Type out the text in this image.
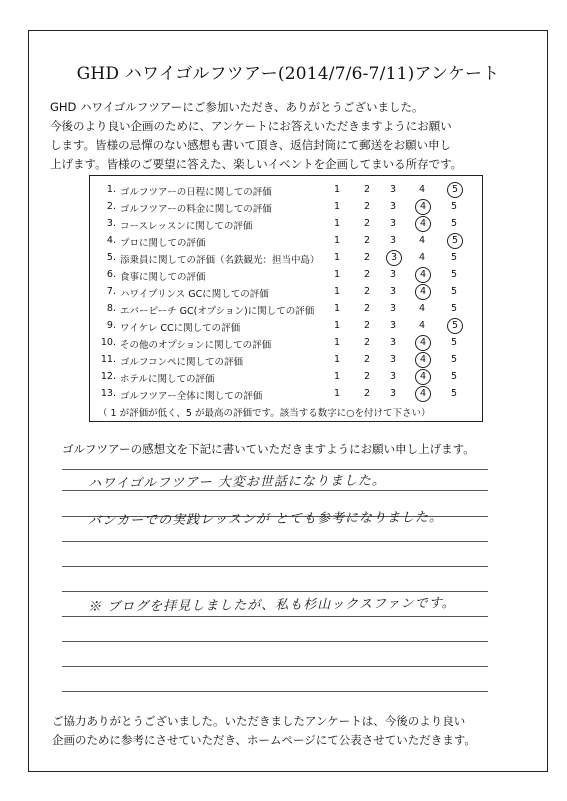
GHD ハワイゴルフツアー(2014/7/6-7/11)アンケート

GHD ハワイゴルフツアーにご参加いただき、ありがとうございました。

今後のより良い企画のために、アンケートにお答えいただきますようにお願い

します。皆様の忌憚のない感想も書いて頂き、返信封筒にて郵送をお願い申し

上げます。皆様のご要望に答えた、楽しいイベントを企画してまいる所存です。

（ 1 が評価が低く、5 が最高の評価です。該当する数字に○を付けて下さい）
1. ゴルフツアーの日程に関しての評価	1	2	3	4	5
2. ゴルフツアーの料金に関しての評価	1	2	3	4	5
3. コースレッスンに関しての評価	1	2	3	4	5
4. プロに関しての評価	1	2	3	4	5
5. 添乗員に関しての評価（名鉄観光：担当中島）	1	2	3	4	5
6. 食事に関しての評価	1	2	3	4	5
7. ハワイプリンス GCに関しての評価	1	2	3	4	5
8. エバービーチ GC(オプション)に関しての評価	1	2	3	4	5
9. ワイケレ CCに関しての評価	1	2	3	4	5
10. その他のオプションに関しての評価	1	2	3	4	5
11. ゴルフコンペに関しての評価	1	2	3	4	5
12. ホテルに関しての評価	1	2	3	4	5
13. ゴルフツアー全体に関しての評価	1	2	3	4	5
ゴルフツアーの感想文を下記に書いていただきますようにお願い申し上げます。
ハワイゴルフツアー 大変お世話になりました。
バンカーでの実践レッスンが とても参考になりました。
※ ブログを拝見しましたが、私も杉山ックスファンです。

ご協力ありがとうございました。いただきましたアンケートは、今後のより良い

企画のために参考にさせていただき、ホームページにて公表させていただきます。
